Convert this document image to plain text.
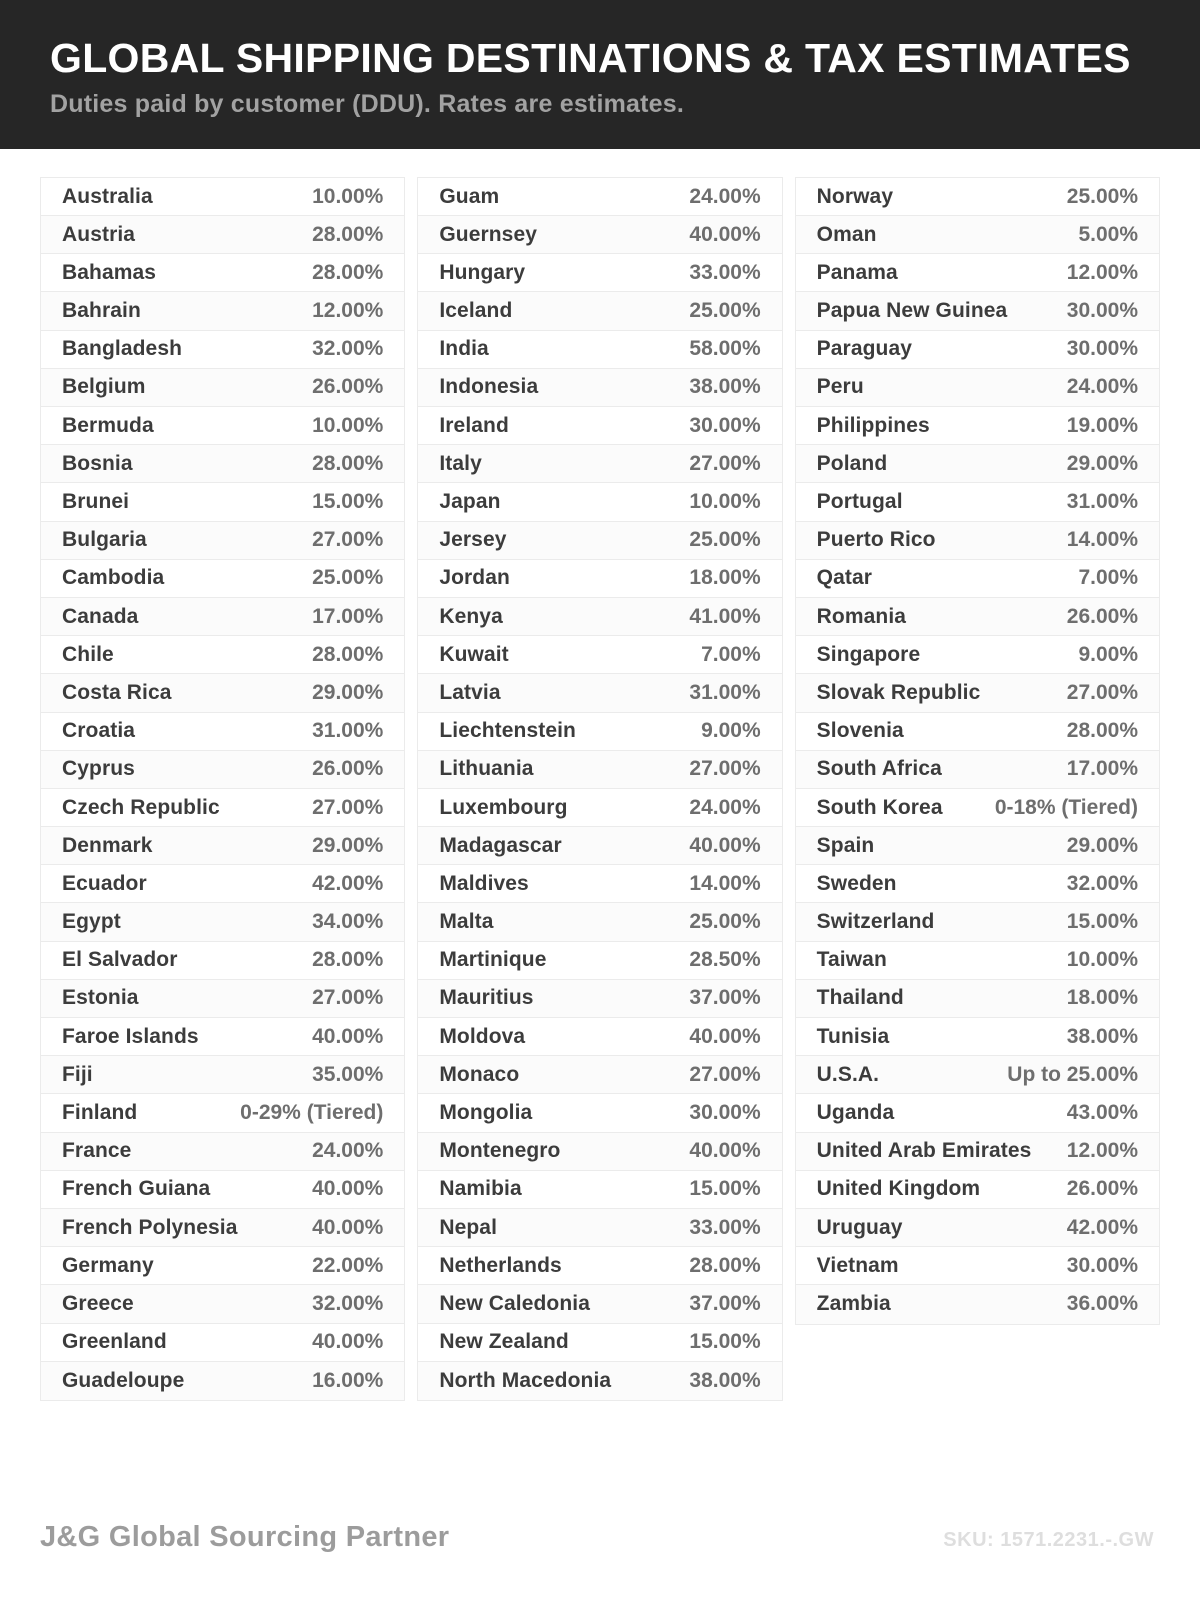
GLOBAL SHIPPING DESTINATIONS & TAX ESTIMATES
Duties paid by customer (DDU). Rates are estimates.
Australia	10.00%
Austria	28.00%
Bahamas	28.00%
Bahrain	12.00%
Bangladesh	32.00%
Belgium	26.00%
Bermuda	10.00%
Bosnia	28.00%
Brunei	15.00%
Bulgaria	27.00%
Cambodia	25.00%
Canada	17.00%
Chile	28.00%
Costa Rica	29.00%
Croatia	31.00%
Cyprus	26.00%
Czech Republic	27.00%
Denmark	29.00%
Ecuador	42.00%
Egypt	34.00%
El Salvador	28.00%
Estonia	27.00%
Faroe Islands	40.00%
Fiji	35.00%
Finland	0-29% (Tiered)
France	24.00%
French Guiana	40.00%
French Polynesia	40.00%
Germany	22.00%
Greece	32.00%
Greenland	40.00%
Guadeloupe	16.00%
Guam	24.00%
Guernsey	40.00%
Hungary	33.00%
Iceland	25.00%
India	58.00%
Indonesia	38.00%
Ireland	30.00%
Italy	27.00%
Japan	10.00%
Jersey	25.00%
Jordan	18.00%
Kenya	41.00%
Kuwait	7.00%
Latvia	31.00%
Liechtenstein	9.00%
Lithuania	27.00%
Luxembourg	24.00%
Madagascar	40.00%
Maldives	14.00%
Malta	25.00%
Martinique	28.50%
Mauritius	37.00%
Moldova	40.00%
Monaco	27.00%
Mongolia	30.00%
Montenegro	40.00%
Namibia	15.00%
Nepal	33.00%
Netherlands	28.00%
New Caledonia	37.00%
New Zealand	15.00%
North Macedonia	38.00%
Norway	25.00%
Oman	5.00%
Panama	12.00%
Papua New Guinea	30.00%
Paraguay	30.00%
Peru	24.00%
Philippines	19.00%
Poland	29.00%
Portugal	31.00%
Puerto Rico	14.00%
Qatar	7.00%
Romania	26.00%
Singapore	9.00%
Slovak Republic	27.00%
Slovenia	28.00%
South Africa	17.00%
South Korea 0-18% (Tiered)
Spain	29.00%
Sweden	32.00%
Switzerland	15.00%
Taiwan	10.00%
Thailand	18.00%
Tunisia	38.00%
U.S.A.	Up to 25.00%
Uganda	43.00%
United Arab Emirates 12.00%
United Kingdom	26.00%
Uruguay	42.00%
Vietnam	30.00%
Zambia	36.00%
J&G Global Sourcing Partner	SKU: 1571.2231.-.GW
